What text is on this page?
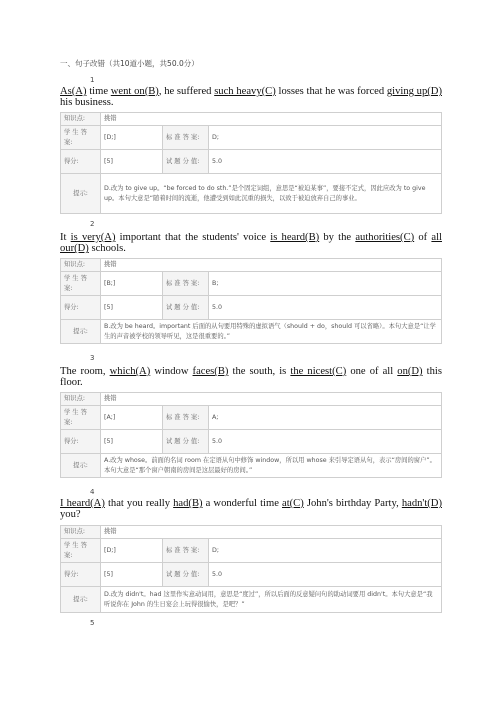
一、句子改错（共10道小题，共50.0分）
1
As(A) time went on(B), he suffered such heavy(C) losses that he was forced giving up(D) his business.
知识点:	挑错		
学 生 答 案:	[D;]	标 准 答 案:	D;
得分:	[5]	试 题 分 值:	5.0
提示:	D.改为 to give up。“be forced to do sth.”是个固定词组，意思是“被迫某事”，要接不定式，因此应改为 to give up。本句大意是“随着时间的流逝，他遭受到如此沉重的损失，以致于被迫放弃自己的事业。		
2
It is very(A) important that the students' voice is heard(B) by the authorities(C) of all our(D) schools.
知识点:	挑错		
学 生 答 案:	[B;]	标 准 答 案:	B;
得分:	[5]	试 题 分 值:	5.0
提示:	B.改为 be heard。important 后面的从句要用特殊的虚拟语气（should + do，should 可以省略）。本句大意是“让学生的声音被学校的领导听见，这是很重要的。”		
3
The room, which(A) window faces(B) the south, is the nicest(C) one of all on(D) this floor.
知识点:	挑错		
学 生 答 案:	[A;]	标 准 答 案:	A;
得分:	[5]	试 题 分 值:	5.0
提示:	A.改为 whose。前面的名词 room 在定语从句中修饰 window，所以用 whose 来引导定语从句，表示“房间的窗户”。本句大意是“那个窗户朝南的房间是这层最好的房间。”		
4
I heard(A) that you really had(B) a wonderful time at(C) John's birthday Party, hadn't(D) you?
知识点:	挑错		
学 生 答 案:	[D;]	标 准 答 案:	D;
得分:	[5]	试 题 分 值:	5.0
提示:	D.改为 didn't。had 这里作实意动词用，意思是“度过”，所以后面的反意疑问句的助动词要用 didn't。本句大意是“我听说你在 John 的生日宴会上玩得很愉快，是吧？”		
5
